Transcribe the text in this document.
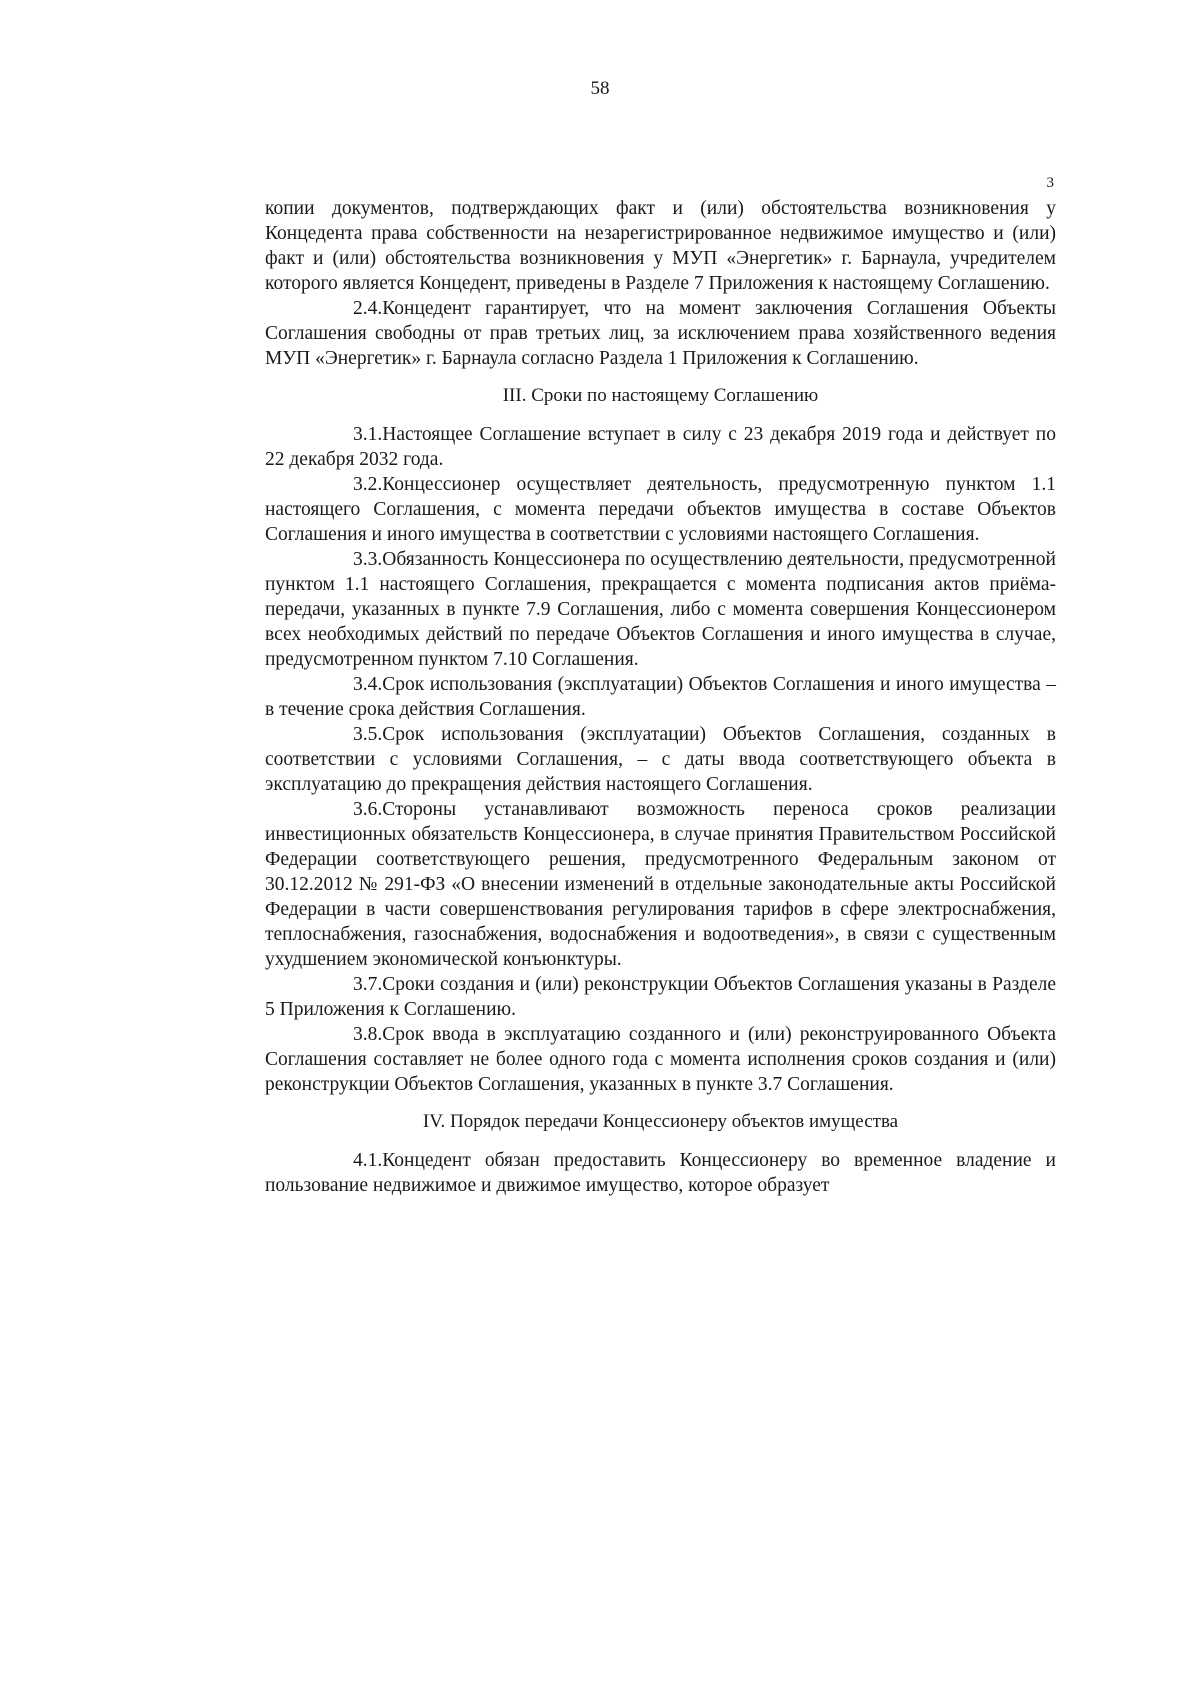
58
3

копии документов, подтверждающих факт и (или) обстоятельства возникновения у Концедента права собственности на незарегистрированное недвижимое имущество и (или) факт и (или) обстоятельства возникновения у МУП «Энергетик» г. Барнаула, учредителем которого является Концедент, приведены в Разделе 7 Приложения к настоящему Соглашению.

2.4.Концедент гарантирует, что на момент заключения Соглашения Объекты Соглашения свободны от прав третьих лиц, за исключением права хозяйственного ведения МУП «Энергетик» г. Барнаула согласно Раздела 1 Приложения к Соглашению.

III. Сроки по настоящему Соглашению

3.1.Настоящее Соглашение вступает в силу с 23 декабря 2019 года и действует по 22 декабря 2032 года.

3.2.Концессионер осуществляет деятельность, предусмотренную пунктом 1.1 настоящего Соглашения, с момента передачи объектов имущества в составе Объектов Соглашения и иного имущества в соответствии с условиями настоящего Соглашения.

3.3.Обязанность Концессионера по осуществлению деятельности, предусмотренной пунктом 1.1 настоящего Соглашения, прекращается с момента подписания актов приёма-передачи, указанных в пункте 7.9 Соглашения, либо с момента совершения Концессионером всех необходимых действий по передаче Объектов Соглашения и иного имущества в случае, предусмотренном пунктом 7.10 Соглашения.

3.4.Срок использования (эксплуатации) Объектов Соглашения и иного имущества – в течение срока действия Соглашения.

3.5.Срок использования (эксплуатации) Объектов Соглашения, созданных в соответствии с условиями Соглашения, – с даты ввода соответствующего объекта в эксплуатацию до прекращения действия настоящего Соглашения.

3.6.Стороны устанавливают возможность переноса сроков реализации инвестиционных обязательств Концессионера, в случае принятия Правительством Российской Федерации соответствующего решения, предусмотренного Федеральным законом от 30.12.2012 № 291-ФЗ «О внесении изменений в отдельные законодательные акты Российской Федерации в части совершенствования регулирования тарифов в сфере электроснабжения, теплоснабжения, газоснабжения, водоснабжения и водоотведения», в связи с существенным ухудшением экономической конъюнктуры.

3.7.Сроки создания и (или) реконструкции Объектов Соглашения указаны в Разделе 5 Приложения к Соглашению.

3.8.Срок ввода в эксплуатацию созданного и (или) реконструированного Объекта Соглашения составляет не более одного года с момента исполнения сроков создания и (или) реконструкции Объектов Соглашения, указанных в пункте 3.7 Соглашения.

IV. Порядок передачи Концессионеру объектов имущества

4.1.Концедент обязан предоставить Концессионеру во временное владение и пользование недвижимое и движимое имущество, которое образует
